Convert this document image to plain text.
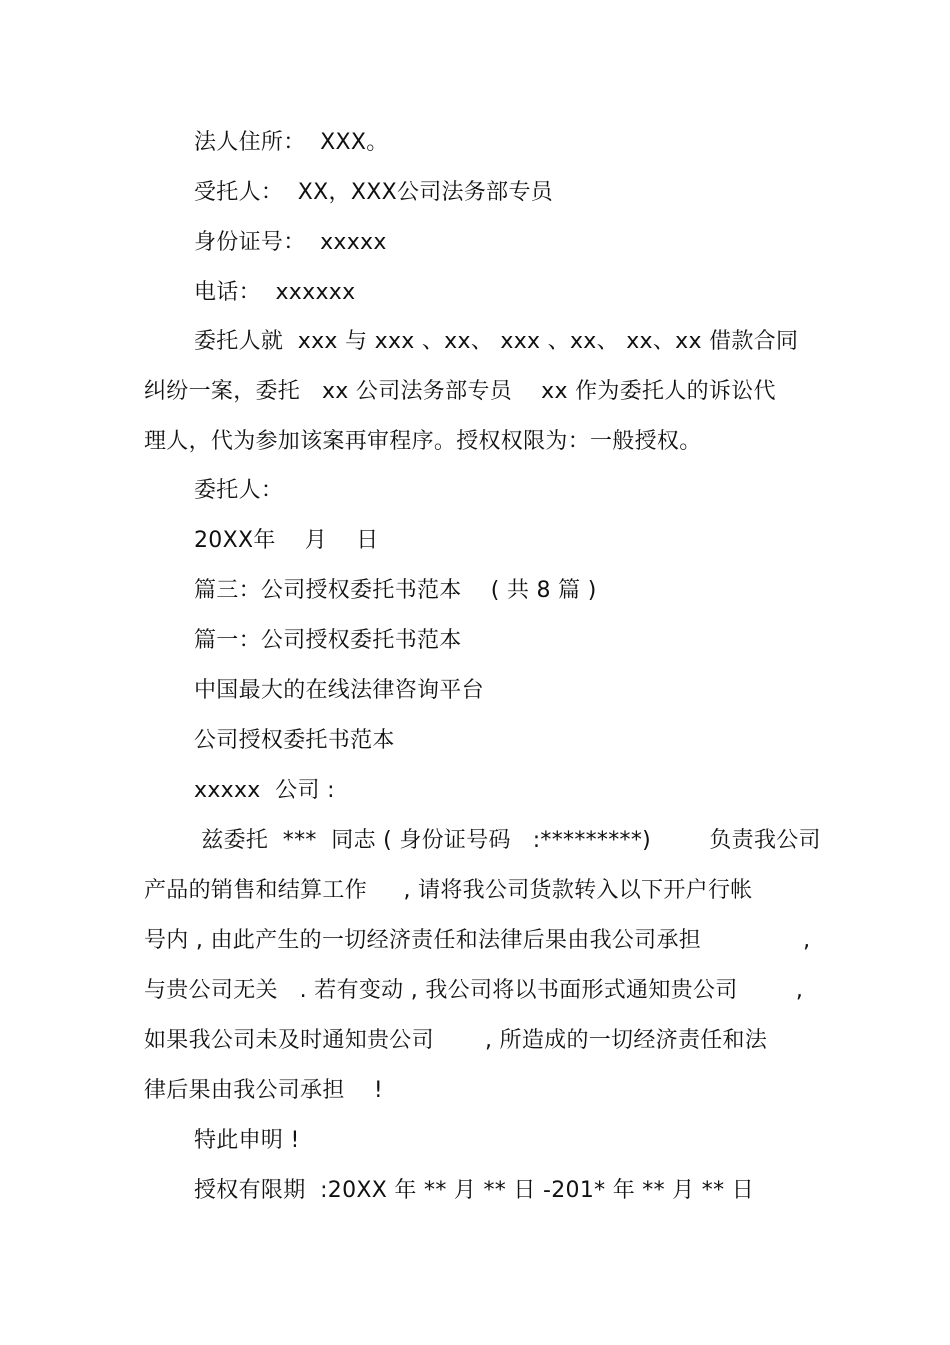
法人住所：  XXX。
受托人：  XX，XXX公司法务部专员
身份证号：  xxxxx
电话：  xxxxxx
委托人就  xxx 与 xxx 、xx、 xxx 、xx、 xx、xx 借款合同
纠纷一案，委托   xx 公司法务部专员    xx 作为委托人的诉讼代
理人，代为参加该案再审程序。授权权限为：一般授权。
委托人：
20XX年    月    日
篇三：公司授权委托书范本    ( 共 8 篇 )
篇一：公司授权委托书范本
中国最大的在线法律咨询平台
公司授权委托书范本
xxxxx  公司 :
兹委托  ***  同志 ( 身份证号码   :*********)        负责我公司
产品的销售和结算工作     , 请将我公司货款转入以下开户行帐
号内 , 由此产生的一切经济责任和法律后果由我公司承担              ,
与贵公司无关   . 若有变动 , 我公司将以书面形式通知贵公司        ,
如果我公司未及时通知贵公司       , 所造成的一切经济责任和法
律后果由我公司承担    !
特此申明 !
授权有限期  :20XX 年 ** 月 ** 日 -201* 年 ** 月 ** 日
